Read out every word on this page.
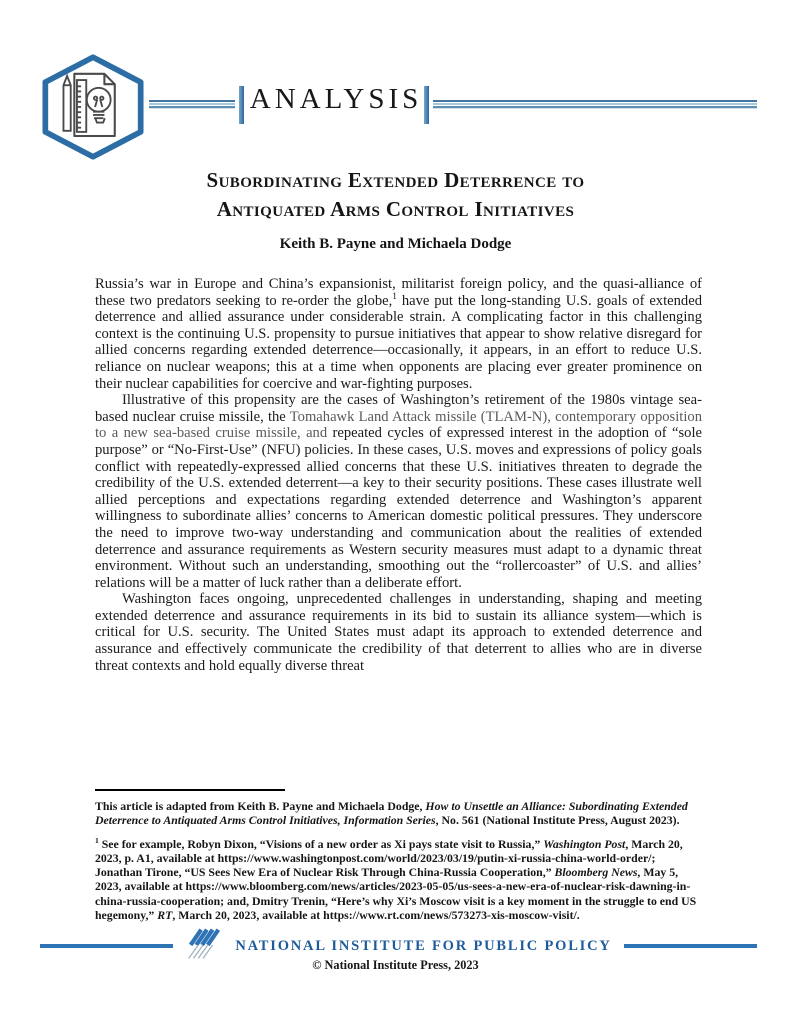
ANALYSIS
Subordinating Extended Deterrence to
Antiquated Arms Control Initiatives
Keith B. Payne and Michaela Dodge

Russia’s war in Europe and China’s expansionist, militarist foreign policy, and the quasi-alliance of these two predators seeking to re-order the globe,$^1$ have put the long-standing U.S. goals of extended deterrence and allied assurance under considerable strain. A complicating factor in this challenging context is the continuing U.S. propensity to pursue initiatives that appear to show relative disregard for allied concerns regarding extended deterrence—occasionally, it appears, in an effort to reduce U.S. reliance on nuclear weapons; this at a time when opponents are placing ever greater prominence on their nuclear capabilities for coercive and war-fighting purposes.

Illustrative of this propensity are the cases of Washington’s retirement of the 1980s vintage sea-based nuclear cruise missile, the Tomahawk Land Attack missile (TLAM-N), contemporary opposition to a new sea-based cruise missile, and repeated cycles of expressed interest in the adoption of “sole purpose” or “No-First-Use” (NFU) policies. In these cases, U.S. moves and expressions of policy goals conflict with repeatedly-expressed allied concerns that these U.S. initiatives threaten to degrade the credibility of the U.S. extended deterrent—a key to their security positions. These cases illustrate well allied perceptions and expectations regarding extended deterrence and Washington’s apparent willingness to subordinate allies’ concerns to American domestic political pressures. They underscore the need to improve two-way understanding and communication about the realities of extended deterrence and assurance requirements as Western security measures must adapt to a dynamic threat environment. Without such an understanding, smoothing out the “rollercoaster” of U.S. and allies’ relations will be a matter of luck rather than a deliberate effort.

Washington faces ongoing, unprecedented challenges in understanding, shaping and meeting extended deterrence and assurance requirements in its bid to sustain its alliance system—which is critical for U.S. security. The United States must adapt its approach to extended deterrence and assurance and effectively communicate the credibility of that deterrent to allies who are in diverse threat contexts and hold equally diverse threat

This article is adapted from Keith B. Payne and Michaela Dodge, How to Unsettle an Alliance: Subordinating Extended Deterrence to Antiquated Arms Control Initiatives, Information Series, No. 561 (National Institute Press, August 2023).
$^1$ See for example, Robyn Dixon, “Visions of a new order as Xi pays state visit to Russia,” Washington Post, March 20, 2023, p. A1, available at https://www.washingtonpost.com/world/2023/03/19/putin-xi-russia-china-world-order/; Jonathan Tirone, “US Sees New Era of Nuclear Risk Through China-Russia Cooperation,” Bloomberg News, May 5, 2023, available at https://www.bloomberg.com/news/articles/2023-05-05/us-sees-a-new-era-of-nuclear-risk-dawning-in-china-russia-cooperation; and, Dmitry Trenin, “Here’s why Xi’s Moscow visit is a key moment in the struggle to end US hegemony,” RT, March 20, 2023, available at https://www.rt.com/news/573273-xis-moscow-visit/.
NATIONAL INSTITUTE FOR PUBLIC POLICY
© National Institute Press, 2023
